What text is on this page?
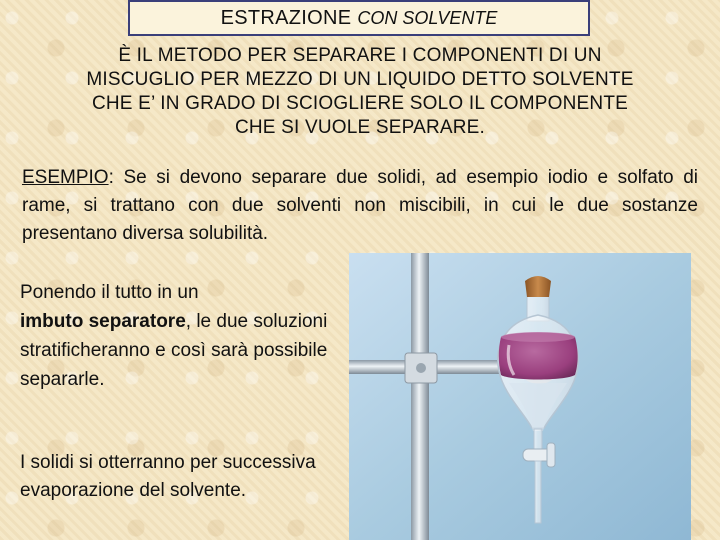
ESTRAZIONE CON SOLVENTE
È IL METODO PER SEPARARE I COMPONENTI DI UN
MISCUGLIO PER MEZZO DI UN LIQUIDO DETTO SOLVENTE
CHE E’ IN GRADO DI SCIOGLIERE SOLO IL COMPONENTE
CHE SI VUOLE SEPARARE.
ESEMPIO: Se si devono separare due solidi, ad esempio iodio e solfato di rame, si trattano con due solventi non miscibili, in cui le due sostanze presentano diversa solubilità.
Ponendo il tutto in un
imbuto separatore, le due soluzioni stratificheranno e così sarà possibile separarle.
I solidi si otterranno per successiva evaporazione del solvente.
